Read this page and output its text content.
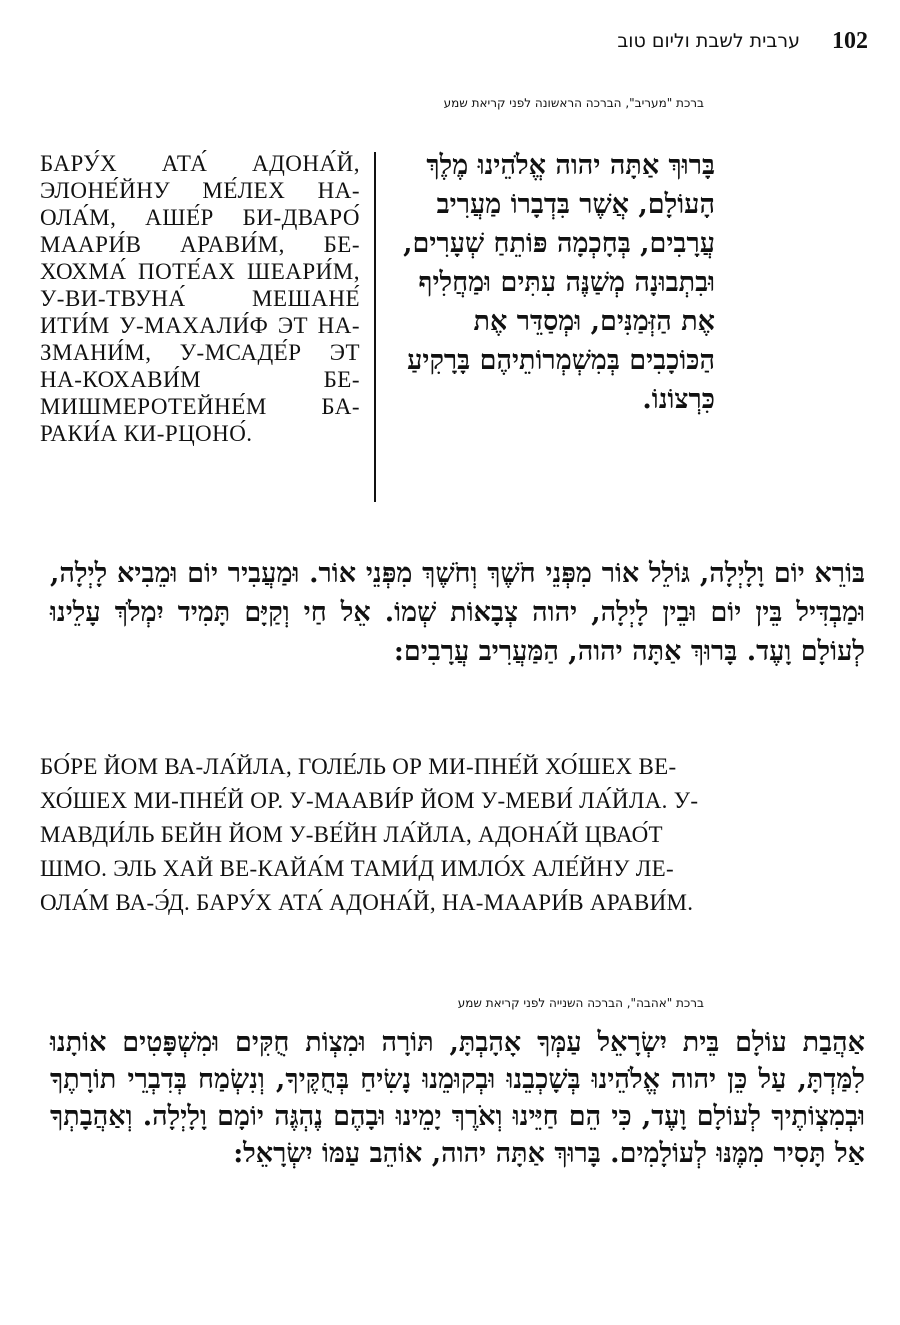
ערבית לשבת וליום טוב 102
ברכת "מעריב", הברכה הראשונה לפני קריאת שמע
БАРУ́Х АТА́ АДОНА́Й, ЭЛОHЕ́ЙНУ МЕ́ЛЕХ HА-ОЛА́М, АШЕ́Р БИ-ДВАРО́ МААРИ́В АРАВИ́М, БЕ-ХОХМА́ ПОТЕ́АХ ШЕАРИ́М, У-ВИ-ТВУНА́ МЕШАНЕ́ ИТИ́М У-МАХАЛИ́Ф ЭТ HА-ЗМАНИ́М, У-МСАДЕ́Р ЭТ HА-КОХАВИ́М БЕ-МИШМЕРОТЕЙHЕ́М БА-РАКИ́А КИ-РЦОНО́.
בָּרוּךְ אַתָּה יהוה אֱלֹהֵינוּ מֶלֶךְ הָעוֹלָם, אֲשֶׁר בִּדְבָרוֹ מַעֲרִיב עֲרָבִים, בְּחָכְמָה פּוֹתֵחַ שְׁעָרִים, וּבִתְבוּנָה מְשַׁנֶּה עִתִּים וּמַחֲלִיף אֶת הַזְּמַנִּים, וּמְסַדֵּר אֶת הַכּוֹכָבִים בְּמִשְׁמְרוֹתֵיהֶם בָּרָקִיעַ כִּרְצוֹנוֹ.
בּוֹרֵא יוֹם וָלָיְלָה, גּוֹלֵל אוֹר מִפְּנֵי חֹשֶׁךְ וְחֹשֶׁךְ מִפְּנֵי אוֹר. וּמַעֲבִיר יוֹם וּמֵבִיא לָיְלָה, וּמַבְדִּיל בֵּין יוֹם וּבֵין לָיְלָה, יהוה צְבָאוֹת שְׁמוֹ. אֵל חַי וְקַיָּם תָּמִיד יִמְלֹךְ עָלֵינוּ לְעוֹלָם וָעֶד. בָּרוּךְ אַתָּה יהוה, הַמַּעֲרִיב עֲרָבִים:
БО́РЕ ЙОМ ВА-ЛА́ЙЛА, ГОЛЕ́ЛЬ ОР МИ-ПНЕ́Й ХО́ШЕХ ВЕ-ХО́ШЕХ МИ-ПНЕ́Й ОР. У-МААВИ́Р ЙОМ У-МЕВИ́ ЛА́ЙЛА. У-МАВДИ́ЛЬ БЕЙН ЙОМ У-ВЕ́ЙН ЛА́ЙЛА, АДОНА́Й ЦВАО́Т ШМО. ЭЛЬ ХАЙ ВЕ-КАЙА́М ТАМИ́Д ИМЛО́Х АЛЕ́ЙНУ ЛЕ-ОЛА́М ВА-Э́Д. БАРУ́Х АТА́ АДОНА́Й, HА-МААРИ́В АРАВИ́М.
ברכת "אהבה", הברכה השנייה לפני קריאת שמע
אַהֲבַת עוֹלָם בֵּית יִשְׂרָאֵל עַמְּךָ אָהָבְתָּ, תּוֹרָה וּמִצְוֹת חֻקִּים וּמִשְׁפָּטִים אוֹתָנוּ לִמַּדְתָּ, עַל כֵּן יהוה אֱלֹהֵינוּ בְּשָׁכְבֵנוּ וּבְקוּמֵנוּ נָשִׂיחַ בְּחֻקֶּיךָ, וְנִשְׂמַח בְּדִבְרֵי תוֹרָתֶךָ וּבְמִצְוֹתֶיךָ לְעוֹלָם וָעֶד, כִּי הֵם חַיֵּינוּ וְאֹרֶךְ יָמֵינוּ וּבָהֶם נֶהְגֶּה יוֹמָם וָלָיְלָה. וְאַהֲבָתְךָ אַל תָּסִיר מִמֶּנּוּ לְעוֹלָמִים. בָּרוּךְ אַתָּה יהוה, אוֹהֵב עַמּוֹ יִשְׂרָאֵל:
